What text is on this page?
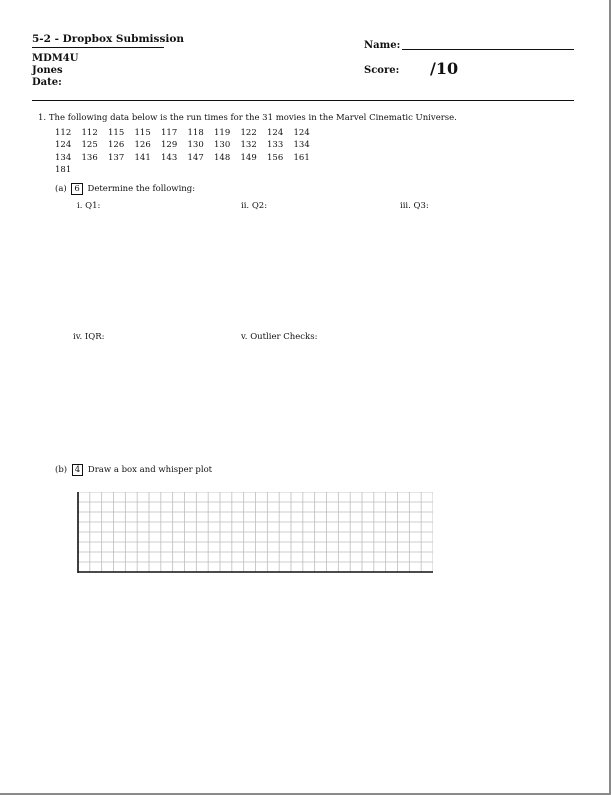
5-2 - Dropbox Submission
MDM4U
Jones
Date:
Name:
Score: /10
1. The following data below is the run times for the 31 movies in the Marvel Cinematic Universe.
112	112	115	115	117	118	119	122	124	124
124	125	126	126	129	130	130	132	133	134
134	136	137	141	143	147	148	149	156	161
181									
(a) 6 Determine the following:
i. Q1:	ii. Q2:	iii. Q3:
iv. IQR:	v. Outlier Checks:
(b) 4 Draw a box and whisper plot
